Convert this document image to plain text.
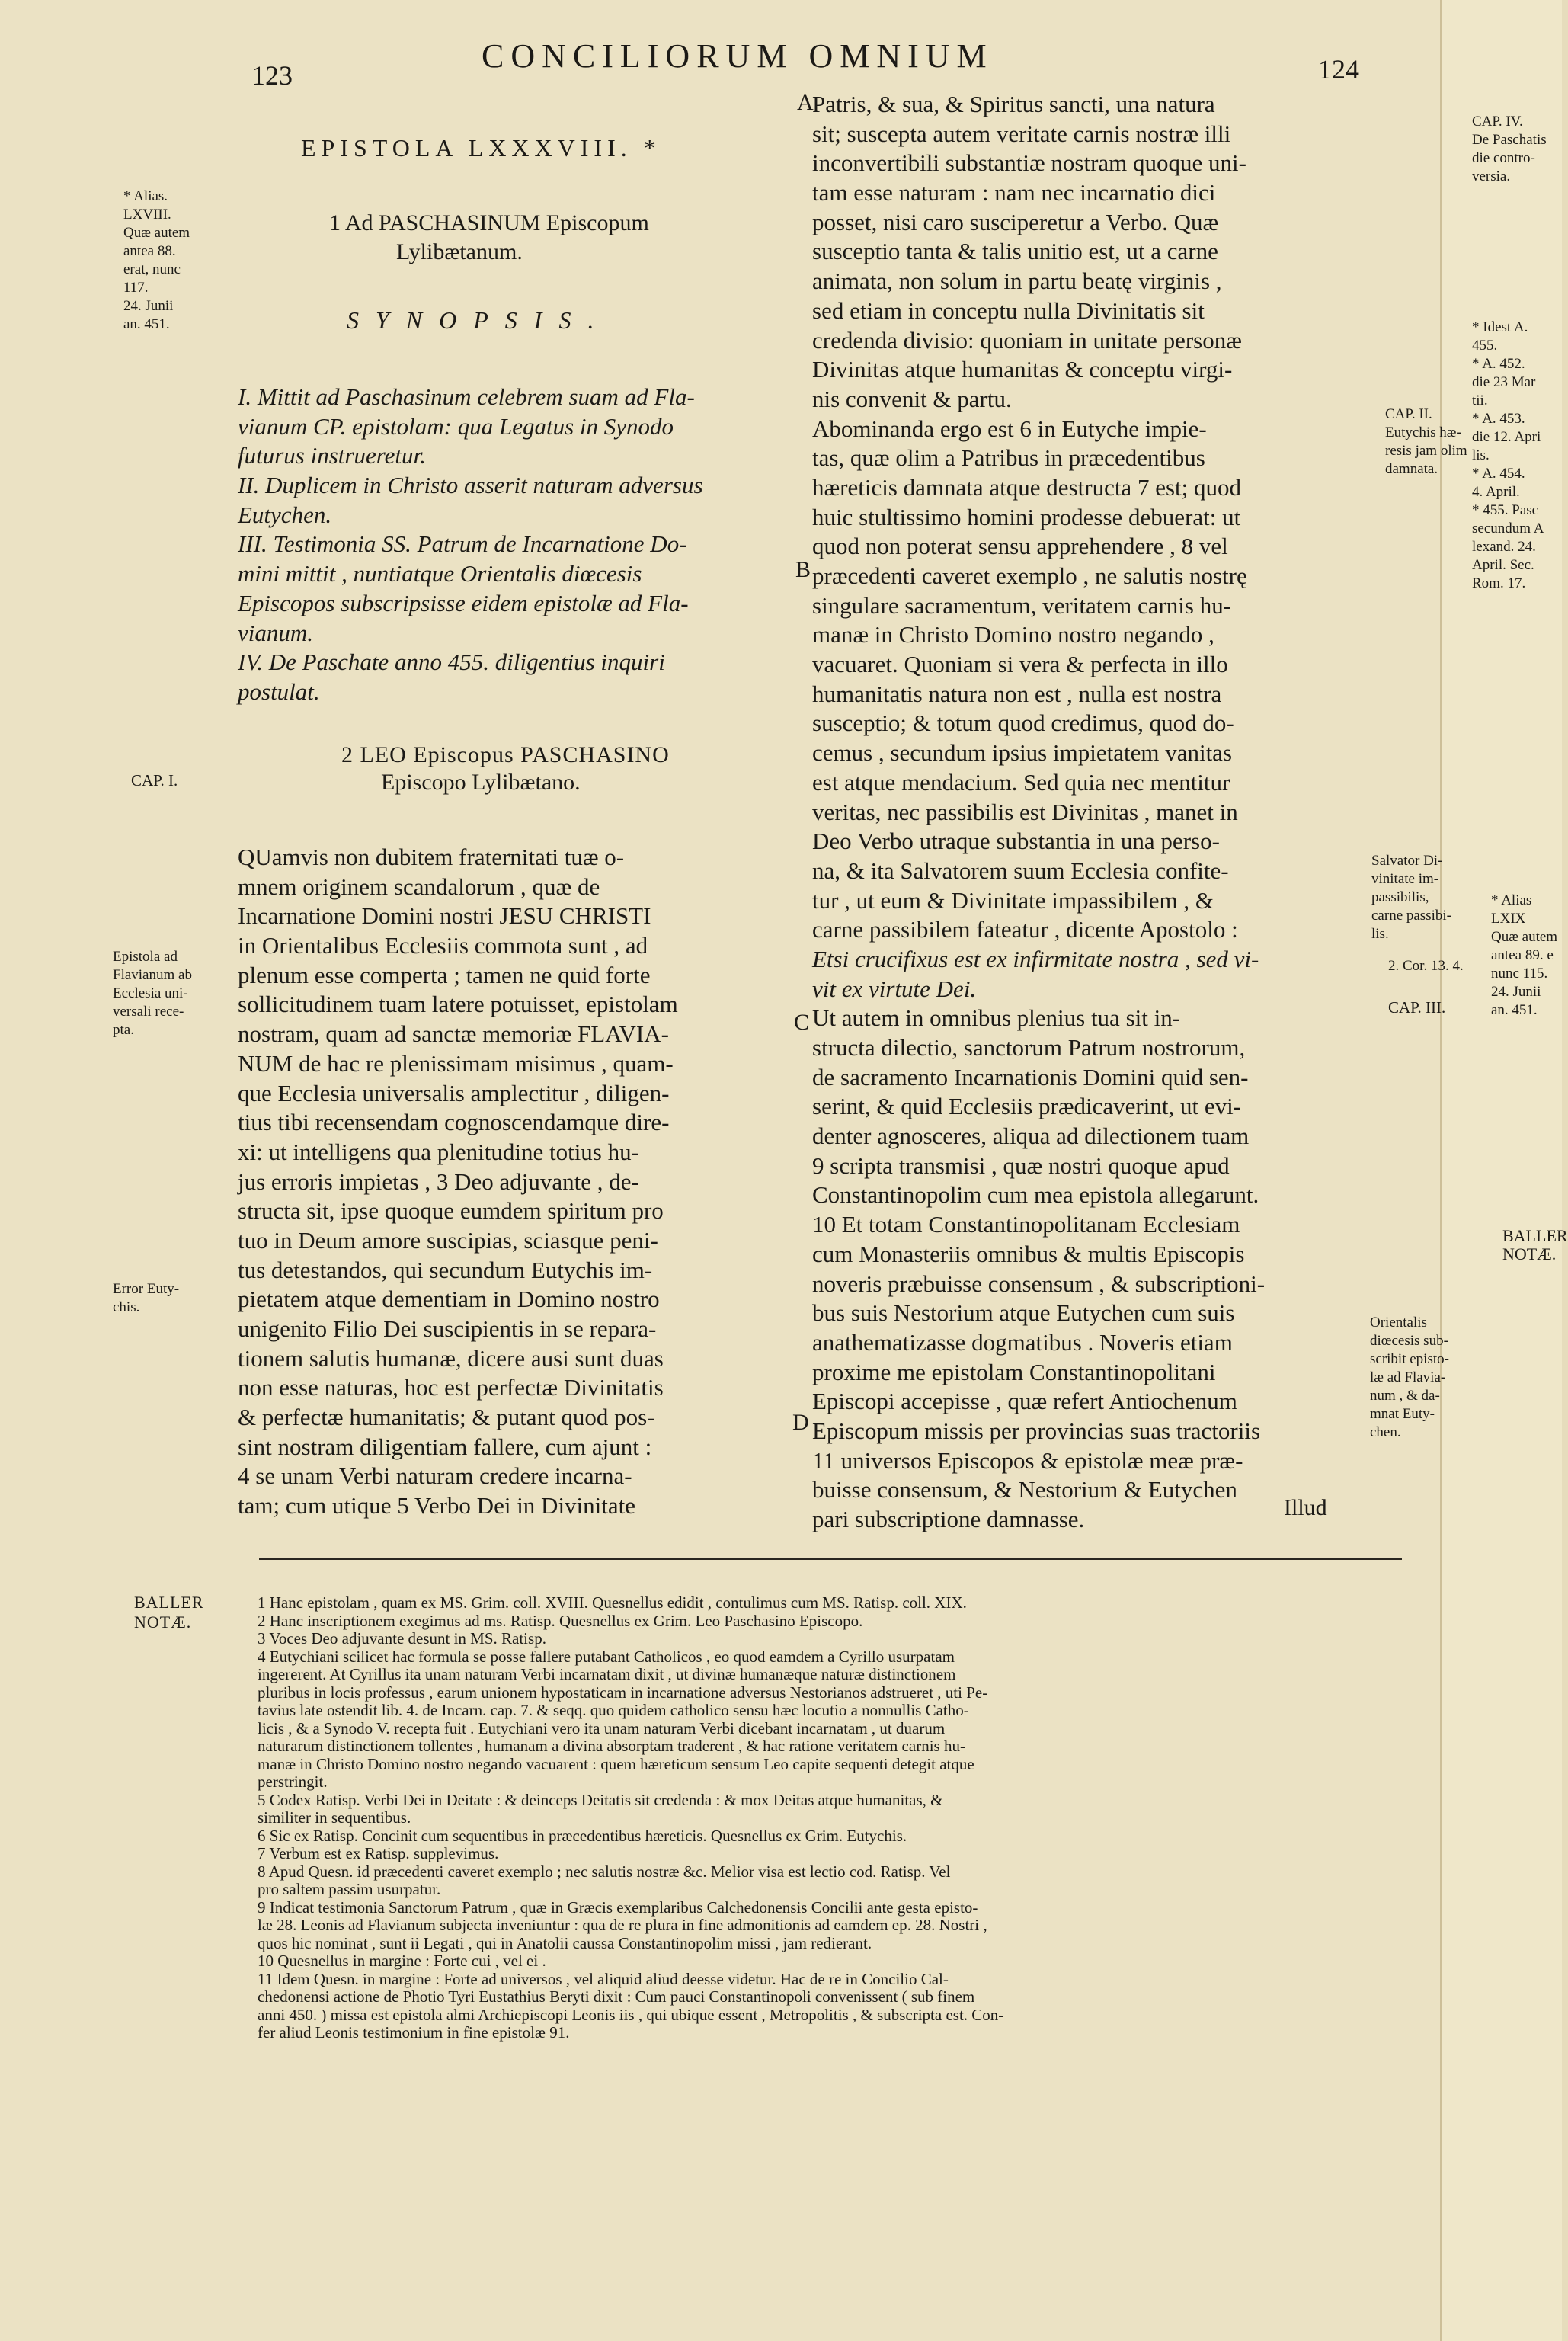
CAP. IV.
De Paschatis
die contro-
versia.
* Idest A.
455.
* A. 452.
die 23 Mar
tii.
* A. 453.
die 12. Apri
lis.
* A. 454.
4. April.
* 455. Pasc
secundum A
lexand. 24.
April. Sec.
Rom. 17.
* Alias
LXIX
Quæ autem
antea 89. e
nunc 115.
24. Junii
an. 451.
BALLER
NOTÆ.
123
CONCILIORUM OMNIUM	124
EPISTOLA LXXXVIII. *
1 Ad PASCHASINUM Episcopum
Lylibætanum.
SYNOPSIS.
I. Mittit ad Paschasinum celebrem suam ad Fla-
vianum CP. epistolam: qua Legatus in Synodo
futurus instrueretur.
II. Duplicem in Christo asserit naturam adversus
Eutychen.
III. Testimonia SS. Patrum de Incarnatione Do-
mini mittit , nuntiatque Orientalis diœcesis
Episcopos subscripsisse eidem epistolæ ad Fla-
vianum.
IV. De Paschate anno 455. diligentius inquiri
postulat.
2 LEO Episcopus PASCHASINO
Episcopo Lylibætano.
QUamvis non dubitem fraternitati tuæ o-
mnem originem scandalorum , quæ de
Incarnatione Domini nostri JESU CHRISTI
in Orientalibus Ecclesiis commota sunt , ad
plenum esse comperta ; tamen ne quid forte
sollicitudinem tuam latere potuisset, epistolam
nostram, quam ad sanctæ memoriæ FLAVIA-
NUM de hac re plenissimam misimus , quam-
que Ecclesia universalis amplectitur , diligen-
tius tibi recensendam cognoscendamque dire-
xi: ut intelligens qua plenitudine totius hu-
jus erroris impietas , 3 Deo adjuvante , de-
structa sit, ipse quoque eumdem spiritum pro
tuo in Deum amore suscipias, sciasque peni-
tus detestandos, qui secundum Eutychis im-
pietatem atque dementiam in Domino nostro
unigenito Filio Dei suscipientis in se repara-
tionem salutis humanæ, dicere ausi sunt duas
non esse naturas, hoc est perfectæ Divinitatis
& perfectæ humanitatis; & putant quod pos-
sint nostram diligentiam fallere, cum ajunt :
4 se unam Verbi naturam credere incarna-
tam; cum utique 5 Verbo Dei in Divinitate
Patris, & sua, & Spiritus sancti, una natura
sit; suscepta autem veritate carnis nostræ illi
inconvertibili substantiæ nostram quoque uni-
tam esse naturam : nam nec incarnatio dici
posset, nisi caro susciperetur a Verbo. Quæ
susceptio tanta & talis unitio est, ut a carne
animata, non solum in partu beatę virginis ,
sed etiam in conceptu nulla Divinitatis sit
credenda divisio: quoniam in unitate personæ
Divinitas atque humanitas & conceptu virgi-
nis convenit & partu.
Abominanda ergo est 6 in Eutyche impie-
tas, quæ olim a Patribus in præcedentibus
hæreticis damnata atque destructa 7 est; quod
huic stultissimo homini prodesse debuerat: ut
quod non poterat sensu apprehendere , 8 vel
præcedenti caveret exemplo , ne salutis nostrę
singulare sacramentum, veritatem carnis hu-
manæ in Christo Domino nostro negando ,
vacuaret. Quoniam si vera & perfecta in illo
humanitatis natura non est , nulla est nostra
susceptio; & totum quod credimus, quod do-
cemus , secundum ipsius impietatem vanitas
est atque mendacium. Sed quia nec mentitur
veritas, nec passibilis est Divinitas , manet in
Deo Verbo utraque substantia in una perso-
na, & ita Salvatorem suum Ecclesia confite-
tur , ut eum & Divinitate impassibilem , &
carne passibilem fateatur , dicente Apostolo :
Etsi crucifixus est ex infirmitate nostra , sed vi-
vit ex virtute Dei.
Ut autem in omnibus plenius tua sit in-
structa dilectio, sanctorum Patrum nostrorum,
de sacramento Incarnationis Domini quid sen-
serint, & quid Ecclesiis prædicaverint, ut evi-
denter agnosceres, aliqua ad dilectionem tuam
9 scripta transmisi , quæ nostri quoque apud
Constantinopolim cum mea epistola allegarunt.
10 Et totam Constantinopolitanam Ecclesiam
cum Monasteriis omnibus & multis Episcopis
noveris præbuisse consensum , & subscriptioni-
bus suis Nestorium atque Eutychen cum suis
anathematizasse dogmatibus . Noveris etiam
proxime me epistolam Constantinopolitani
Episcopi accepisse , quæ refert Antiochenum
Episcopum missis per provincias suas tractoriis
11 universos Episcopos & epistolæ meæ præ-
buisse consensum, & Nestorium & Eutychen
pari subscriptione damnasse.	Illud
A
B
C
D
* Alias.
LXVIII.
Quæ autem
antea 88.
erat, nunc
117.
24. Junii
an. 451.
CAP. I.
Epistola ad
Flavianum ab
Ecclesia uni-
versali rece-
pta.
Error Euty-
chis.
CAP. II.
Eutychis hæ-
resis jam olim
damnata.
Salvator Di-
vinitate im-
passibilis,
carne passibi-
lis.
2. Cor. 13. 4.
CAP. III.
Orientalis
diœcesis sub-
scribit episto-
læ ad Flavia-
num , & da-
mnat Euty-
chen.
BALLER
NOTÆ.
1 Hanc epistolam , quam ex MS. Grim. coll. XVIII. Quesnellus edidit , contulimus cum MS. Ratisp. coll. XIX.
2 Hanc inscriptionem exegimus ad ms. Ratisp. Quesnellus ex Grim. Leo Paschasino Episcopo.
3 Voces Deo adjuvante desunt in MS. Ratisp.
4 Eutychiani scilicet hac formula se posse fallere putabant Catholicos , eo quod eamdem a Cyrillo usurpatam
ingererent. At Cyrillus ita unam naturam Verbi incarnatam dixit , ut divinæ humanæque naturæ distinctionem
pluribus in locis professus , earum unionem hypostaticam in incarnatione adversus Nestorianos adstrueret , uti Pe-
tavius late ostendit lib. 4. de Incarn. cap. 7. & seqq. quo quidem catholico sensu hæc locutio a nonnullis Catho-
licis , & a Synodo V. recepta fuit . Eutychiani vero ita unam naturam Verbi dicebant incarnatam , ut duarum
naturarum distinctionem tollentes , humanam a divina absorptam traderent , & hac ratione veritatem carnis hu-
manæ in Christo Domino nostro negando vacuarent : quem hæreticum sensum Leo capite sequenti detegit atque
perstringit.
5 Codex Ratisp. Verbi Dei in Deitate : & deinceps Deitatis sit credenda : & mox Deitas atque humanitas, &
similiter in sequentibus.
6 Sic ex Ratisp. Concinit cum sequentibus in præcedentibus hæreticis. Quesnellus ex Grim. Eutychis.
7 Verbum est ex Ratisp. supplevimus.
8 Apud Quesn. id præcedenti caveret exemplo ; nec salutis nostræ &c. Melior visa est lectio cod. Ratisp. Vel
pro saltem passim usurpatur.
9 Indicat testimonia Sanctorum Patrum , quæ in Græcis exemplaribus Calchedonensis Concilii ante gesta episto-
læ 28. Leonis ad Flavianum subjecta inveniuntur : qua de re plura in fine admonitionis ad eamdem ep. 28. Nostri ,
quos hic nominat , sunt ii Legati , qui in Anatolii caussa Constantinopolim missi , jam redierant.
10 Quesnellus in margine : Forte cui , vel ei .
11 Idem Quesn. in margine : Forte ad universos , vel aliquid aliud deesse videtur. Hac de re in Concilio Cal-
chedonensi actione de Photio Tyri Eustathius Beryti dixit : Cum pauci Constantinopoli convenissent ( sub finem
anni 450. ) missa est epistola almi Archiepiscopi Leonis iis , qui ubique essent , Metropolitis , & subscripta est. Con-
fer aliud Leonis testimonium in fine epistolæ 91.
